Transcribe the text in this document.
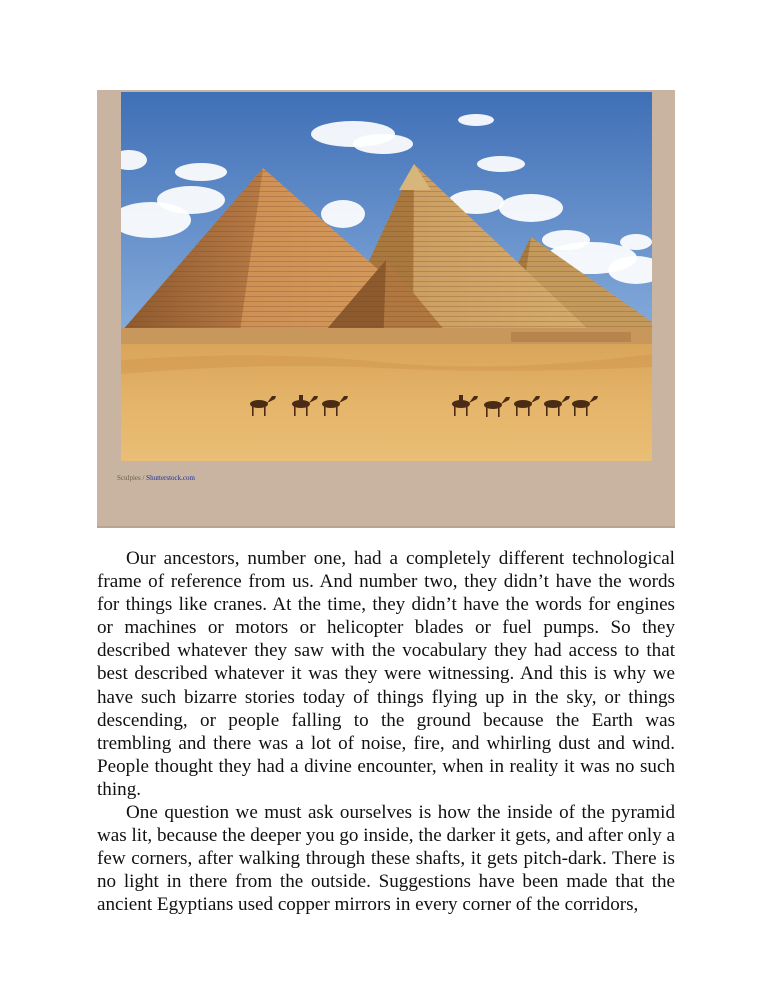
Sculpies / Shutterstock.com

Our ancestors, number one, had a completely different technological frame of reference from us. And number two, they didn’t have the words for things like cranes. At the time, they didn’t have the words for engines or machines or motors or helicopter blades or fuel pumps. So they described whatever they saw with the vocabulary they had access to that best described whatever it was they were witnessing. And this is why we have such bizarre stories today of things flying up in the sky, or things descending, or people falling to the ground because the Earth was trembling and there was a lot of noise, fire, and whirling dust and wind. People thought they had a divine encounter, when in reality it was no such thing.

One question we must ask ourselves is how the inside of the pyramid was lit, because the deeper you go inside, the darker it gets, and after only a few corners, after walking through these shafts, it gets pitch-dark. There is no light in there from the outside. Suggestions have been made that the ancient Egyptians used copper mirrors in every corner of the corridors,
